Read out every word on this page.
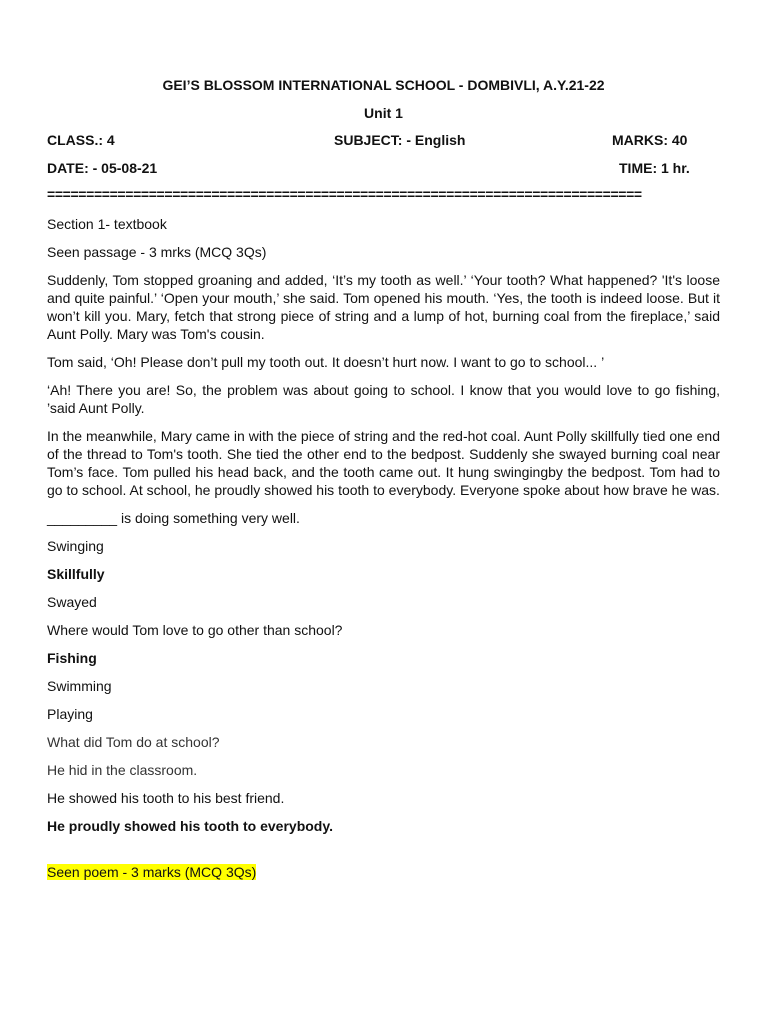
GEI’S BLOSSOM INTERNATIONAL SCHOOL - DOMBIVLI, A.Y.21-22
Unit 1
CLASS.: 4	SUBJECT: - English	MARKS: 40
DATE: - 05-08-21	TIME: 1 hr.
============================================================================

Section 1- textbook

Seen passage - 3 mrks (MCQ 3Qs)

Suddenly, Tom stopped groaning and added, ‘It’s my tooth as well.’ ‘Your tooth? What happened? 'It's loose and quite painful.’ ‘Open your mouth,’ she said. Tom opened his mouth. ‘Yes, the tooth is indeed loose. But it won’t kill you. Mary, fetch that strong piece of string and a lump of hot, burning coal from the fireplace,’ said Aunt Polly. Mary was Tom's cousin.

Tom said, ‘Oh! Please don’t pull my tooth out. It doesn’t hurt now. I want to go to school... ’

‘Ah! There you are! So, the problem was about going to school. I know that you would love to go fishing, ’said Aunt Polly.

In the meanwhile, Mary came in with the piece of string and the red-hot coal. Aunt Polly skillfully tied one end of the thread to Tom's tooth. She tied the other end to the bedpost. Suddenly she swayed burning coal near Tom’s face. Tom pulled his head back, and the tooth came out. It hung swingingby the bedpost. Tom had to go to school. At school, he proudly showed his tooth to everybody. Everyone spoke about how brave he was.

_________ is doing something very well.

Swinging

Skillfully

Swayed

Where would Tom love to go other than school?

Fishing

Swimming

Playing

What did Tom do at school?

He hid in the classroom.

He showed his tooth to his best friend.

He proudly showed his tooth to everybody.

Seen poem - 3 marks (MCQ 3Qs)
